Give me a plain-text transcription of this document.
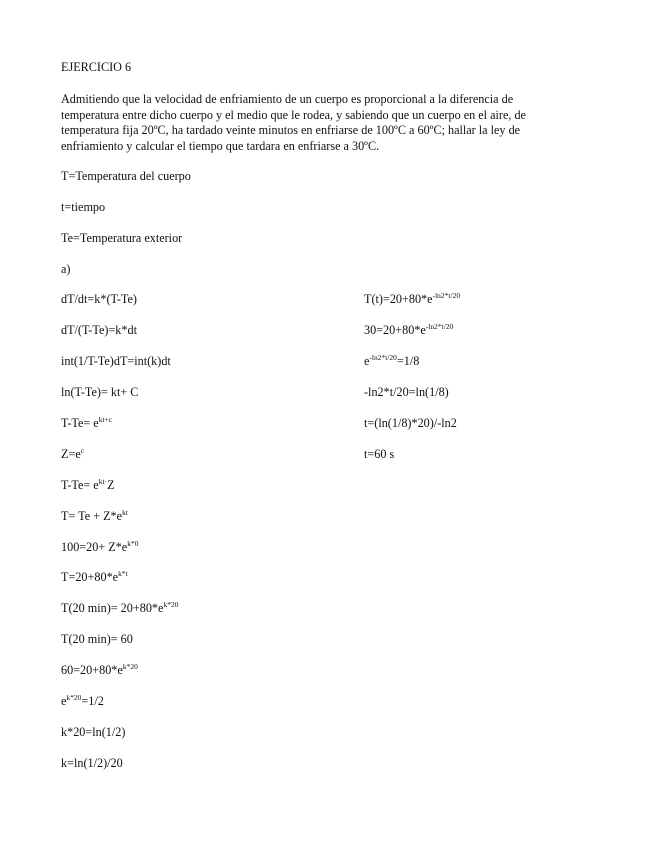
EJERCICIO 6
Admitiendo que la velocidad de enfriamiento de un cuerpo es proporcional a la diferencia de
temperatura entre dicho cuerpo y el medio que le rodea, y sabiendo que un cuerpo en el aire, de
temperatura fija 20ºC, ha tardado veinte minutos en enfriarse de 100ºC a 60ºC; hallar la ley de
enfriamiento y calcular el tiempo que tardara en enfriarse a 30ºC.
T=Temperatura del cuerpo
t=tiempo
Te=Temperatura exterior
a)
dT/dt=k*(T-Te)
dT/(T-Te)=k*dt
int(1/T-Te)dT=int(k)dt
ln(T-Te)= kt+ C
$T-Te= e^{kt+c}$
$Z=e^c$
$T-Te= e^{kt\cdot}Z$
$T= Te + Z*e^{kt}$
$100=20+ Z*e^{k*0}$
$T=20+80*e^{k*t}$
T(20 $\min)= 20+80*e^{k*20}$
T(20 min)= 60
$60=20+80*e^{k*20}$
$e^{k*20}=1/2$
k*20=ln(1/2)
k=ln(1/2)/20
$T(t)=20+80*e^{-ln2*t/20}$
$30=20+80*e^{-ln2*t/20}$
$e^{-ln2*t/20}=1/8$
-ln2*t/20=ln(1/8)
t=(ln(1/8)*20)/-ln2
t=60 s
